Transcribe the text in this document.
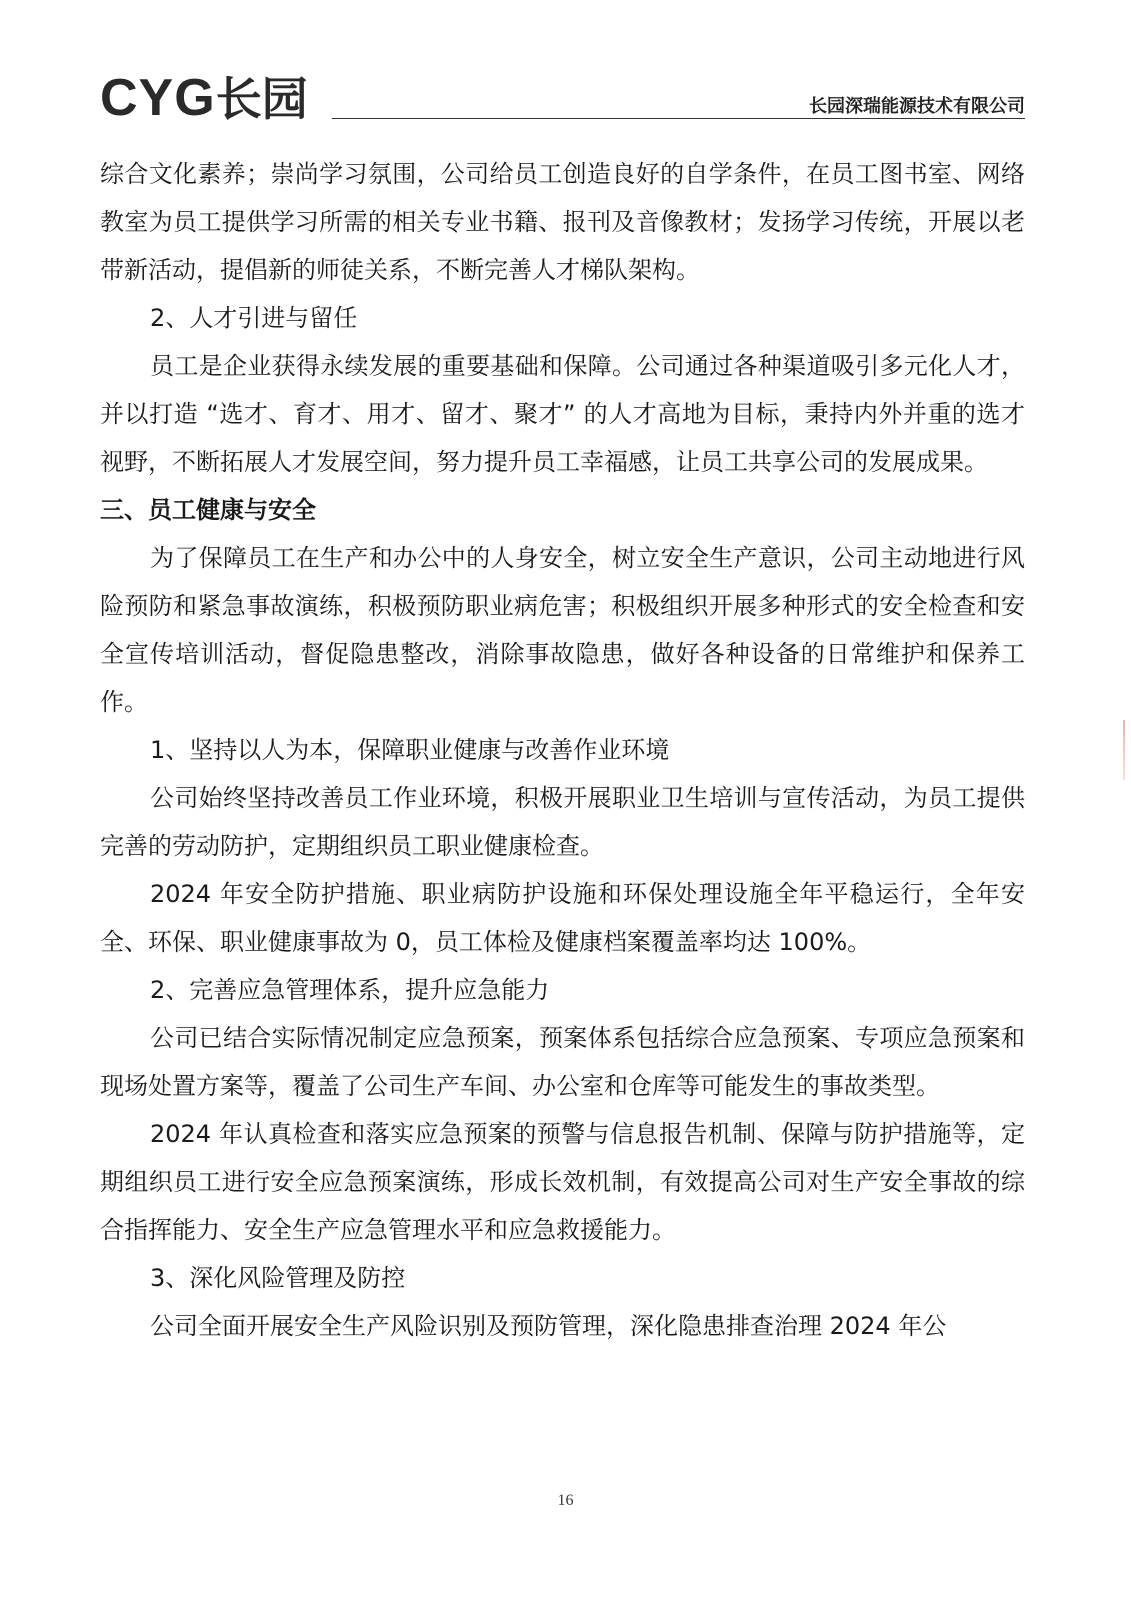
CYG长园	长园深瑞能源技术有限公司

综合文化素养；崇尚学习氛围，公司给员工创造良好的自学条件，在员工图书室、网络教室为员工提供学习所需的相关专业书籍、报刊及音像教材；发扬学习传统，开展以老带新活动，提倡新的师徒关系，不断完善人才梯队架构。

2、人才引进与留任

员工是企业获得永续发展的重要基础和保障。公司通过各种渠道吸引多元化人才，并以打造 “选才、育才、用才、留才、聚才” 的人才高地为目标，秉持内外并重的选才视野，不断拓展人才发展空间，努力提升员工幸福感，让员工共享公司的发展成果。

三、员工健康与安全

为了保障员工在生产和办公中的人身安全，树立安全生产意识，公司主动地进行风险预防和紧急事故演练，积极预防职业病危害；积极组织开展多种形式的安全检查和安全宣传培训活动，督促隐患整改，消除事故隐患，做好各种设备的日常维护和保养工作。

1、坚持以人为本，保障职业健康与改善作业环境

公司始终坚持改善员工作业环境，积极开展职业卫生培训与宣传活动，为员工提供完善的劳动防护，定期组织员工职业健康检查。

2024 年安全防护措施、职业病防护设施和环保处理设施全年平稳运行，全年安全、环保、职业健康事故为 0，员工体检及健康档案覆盖率均达 100%。

2、完善应急管理体系，提升应急能力

公司已结合实际情况制定应急预案，预案体系包括综合应急预案、专项应急预案和现场处置方案等，覆盖了公司生产车间、办公室和仓库等可能发生的事故类型。

2024 年认真检查和落实应急预案的预警与信息报告机制、保障与防护措施等，定期组织员工进行安全应急预案演练，形成长效机制，有效提高公司对生产安全事故的综合指挥能力、安全生产应急管理水平和应急救援能力。

3、深化风险管理及防控

公司全面开展安全生产风险识别及预防管理，深化隐患排查治理 2024 年公

16
